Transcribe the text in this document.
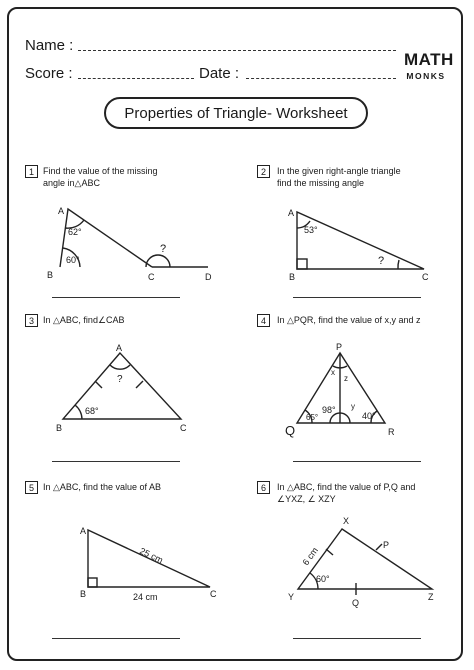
Name :
Score :	Date :
MATH
MONKS
Properties of Triangle- Worksheet
1	Find the value of the missing
angle in△ABC
2	In the given right-angle triangle
find the missing angle
3	In △ABC, find∠CAB	4	In △PQR, find the value of x,y and z
5	In △ABC, find the value of AB	6	In △ABC, find the value of P,Q and
∠YXZ, ∠ XZY
A
B	C	D
62°
60°
?
A
B	C
53°
?
A
B	C
68°
?
P
Q	R
x
z
y
65°
98°
40°
A
B	C
25 cm
24 cm
X
Y	Z
P
Q
6 cm
60°
